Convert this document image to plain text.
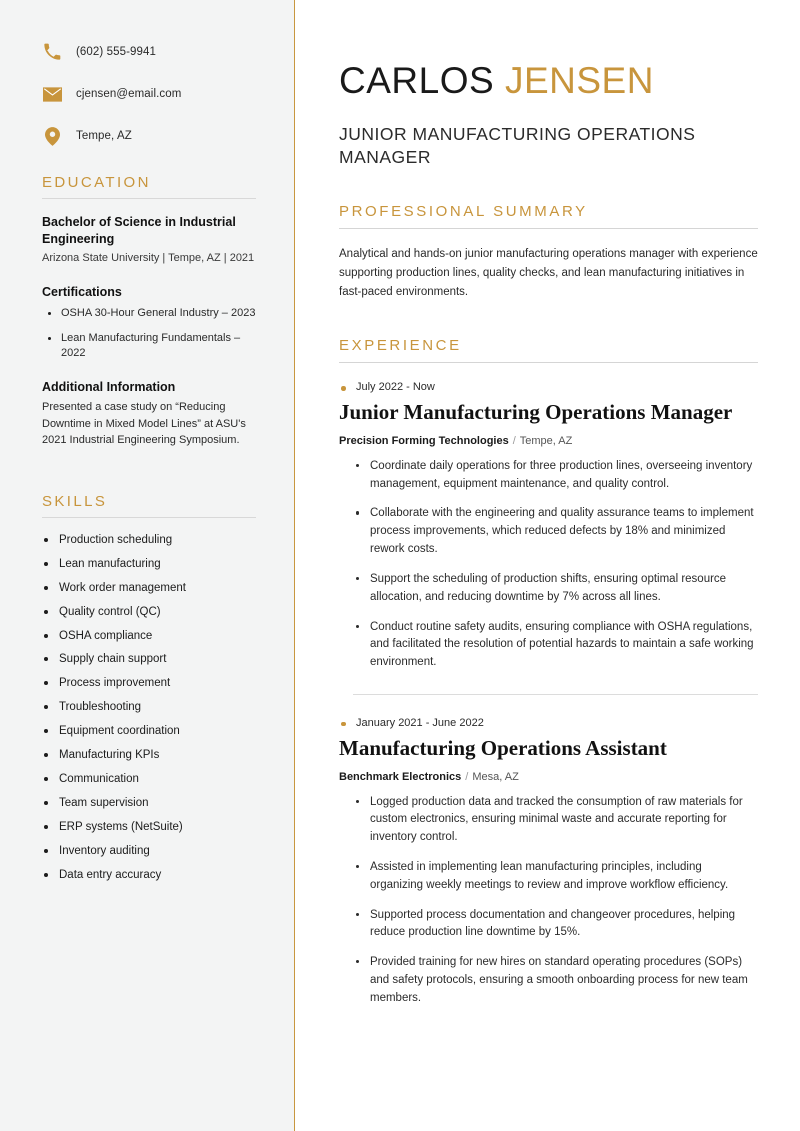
(602) 555-9941
cjensen@email.com
Tempe, AZ
EDUCATION
Bachelor of Science in Industrial Engineering
Arizona State University | Tempe, AZ | 2021
Certifications
OSHA 30-Hour General Industry – 2023
Lean Manufacturing Fundamentals – 2022
Additional Information
Presented a case study on “Reducing Downtime in Mixed Model Lines” at ASU's 2021 Industrial Engineering Symposium.
SKILLS
Production scheduling
Lean manufacturing
Work order management
Quality control (QC)
OSHA compliance
Supply chain support
Process improvement
Troubleshooting
Equipment coordination
Manufacturing KPIs
Communication
Team supervision
ERP systems (NetSuite)
Inventory auditing
Data entry accuracy
CARLOS JENSEN
JUNIOR MANUFACTURING OPERATIONS MANAGER
PROFESSIONAL SUMMARY

Analytical and hands-on junior manufacturing operations manager with experience supporting production lines, quality checks, and lean manufacturing initiatives in fast-paced environments.

EXPERIENCE
July 2022 - Now
Junior Manufacturing Operations Manager
Precision Forming Technologies / Tempe, AZ
Coordinate daily operations for three production lines, overseeing inventory management, equipment maintenance, and quality control.
Collaborate with the engineering and quality assurance teams to implement process improvements, which reduced defects by 18% and minimized rework costs.
Support the scheduling of production shifts, ensuring optimal resource allocation, and reducing downtime by 7% across all lines.
Conduct routine safety audits, ensuring compliance with OSHA regulations, and facilitated the resolution of potential hazards to maintain a safe working environment.
January 2021 - June 2022
Manufacturing Operations Assistant
Benchmark Electronics / Mesa, AZ
Logged production data and tracked the consumption of raw materials for custom electronics, ensuring minimal waste and accurate reporting for inventory control.
Assisted in implementing lean manufacturing principles, including organizing weekly meetings to review and improve workflow efficiency.
Supported process documentation and changeover procedures, helping reduce production line downtime by 15%.
Provided training for new hires on standard operating procedures (SOPs) and safety protocols, ensuring a smooth onboarding process for new team members.
